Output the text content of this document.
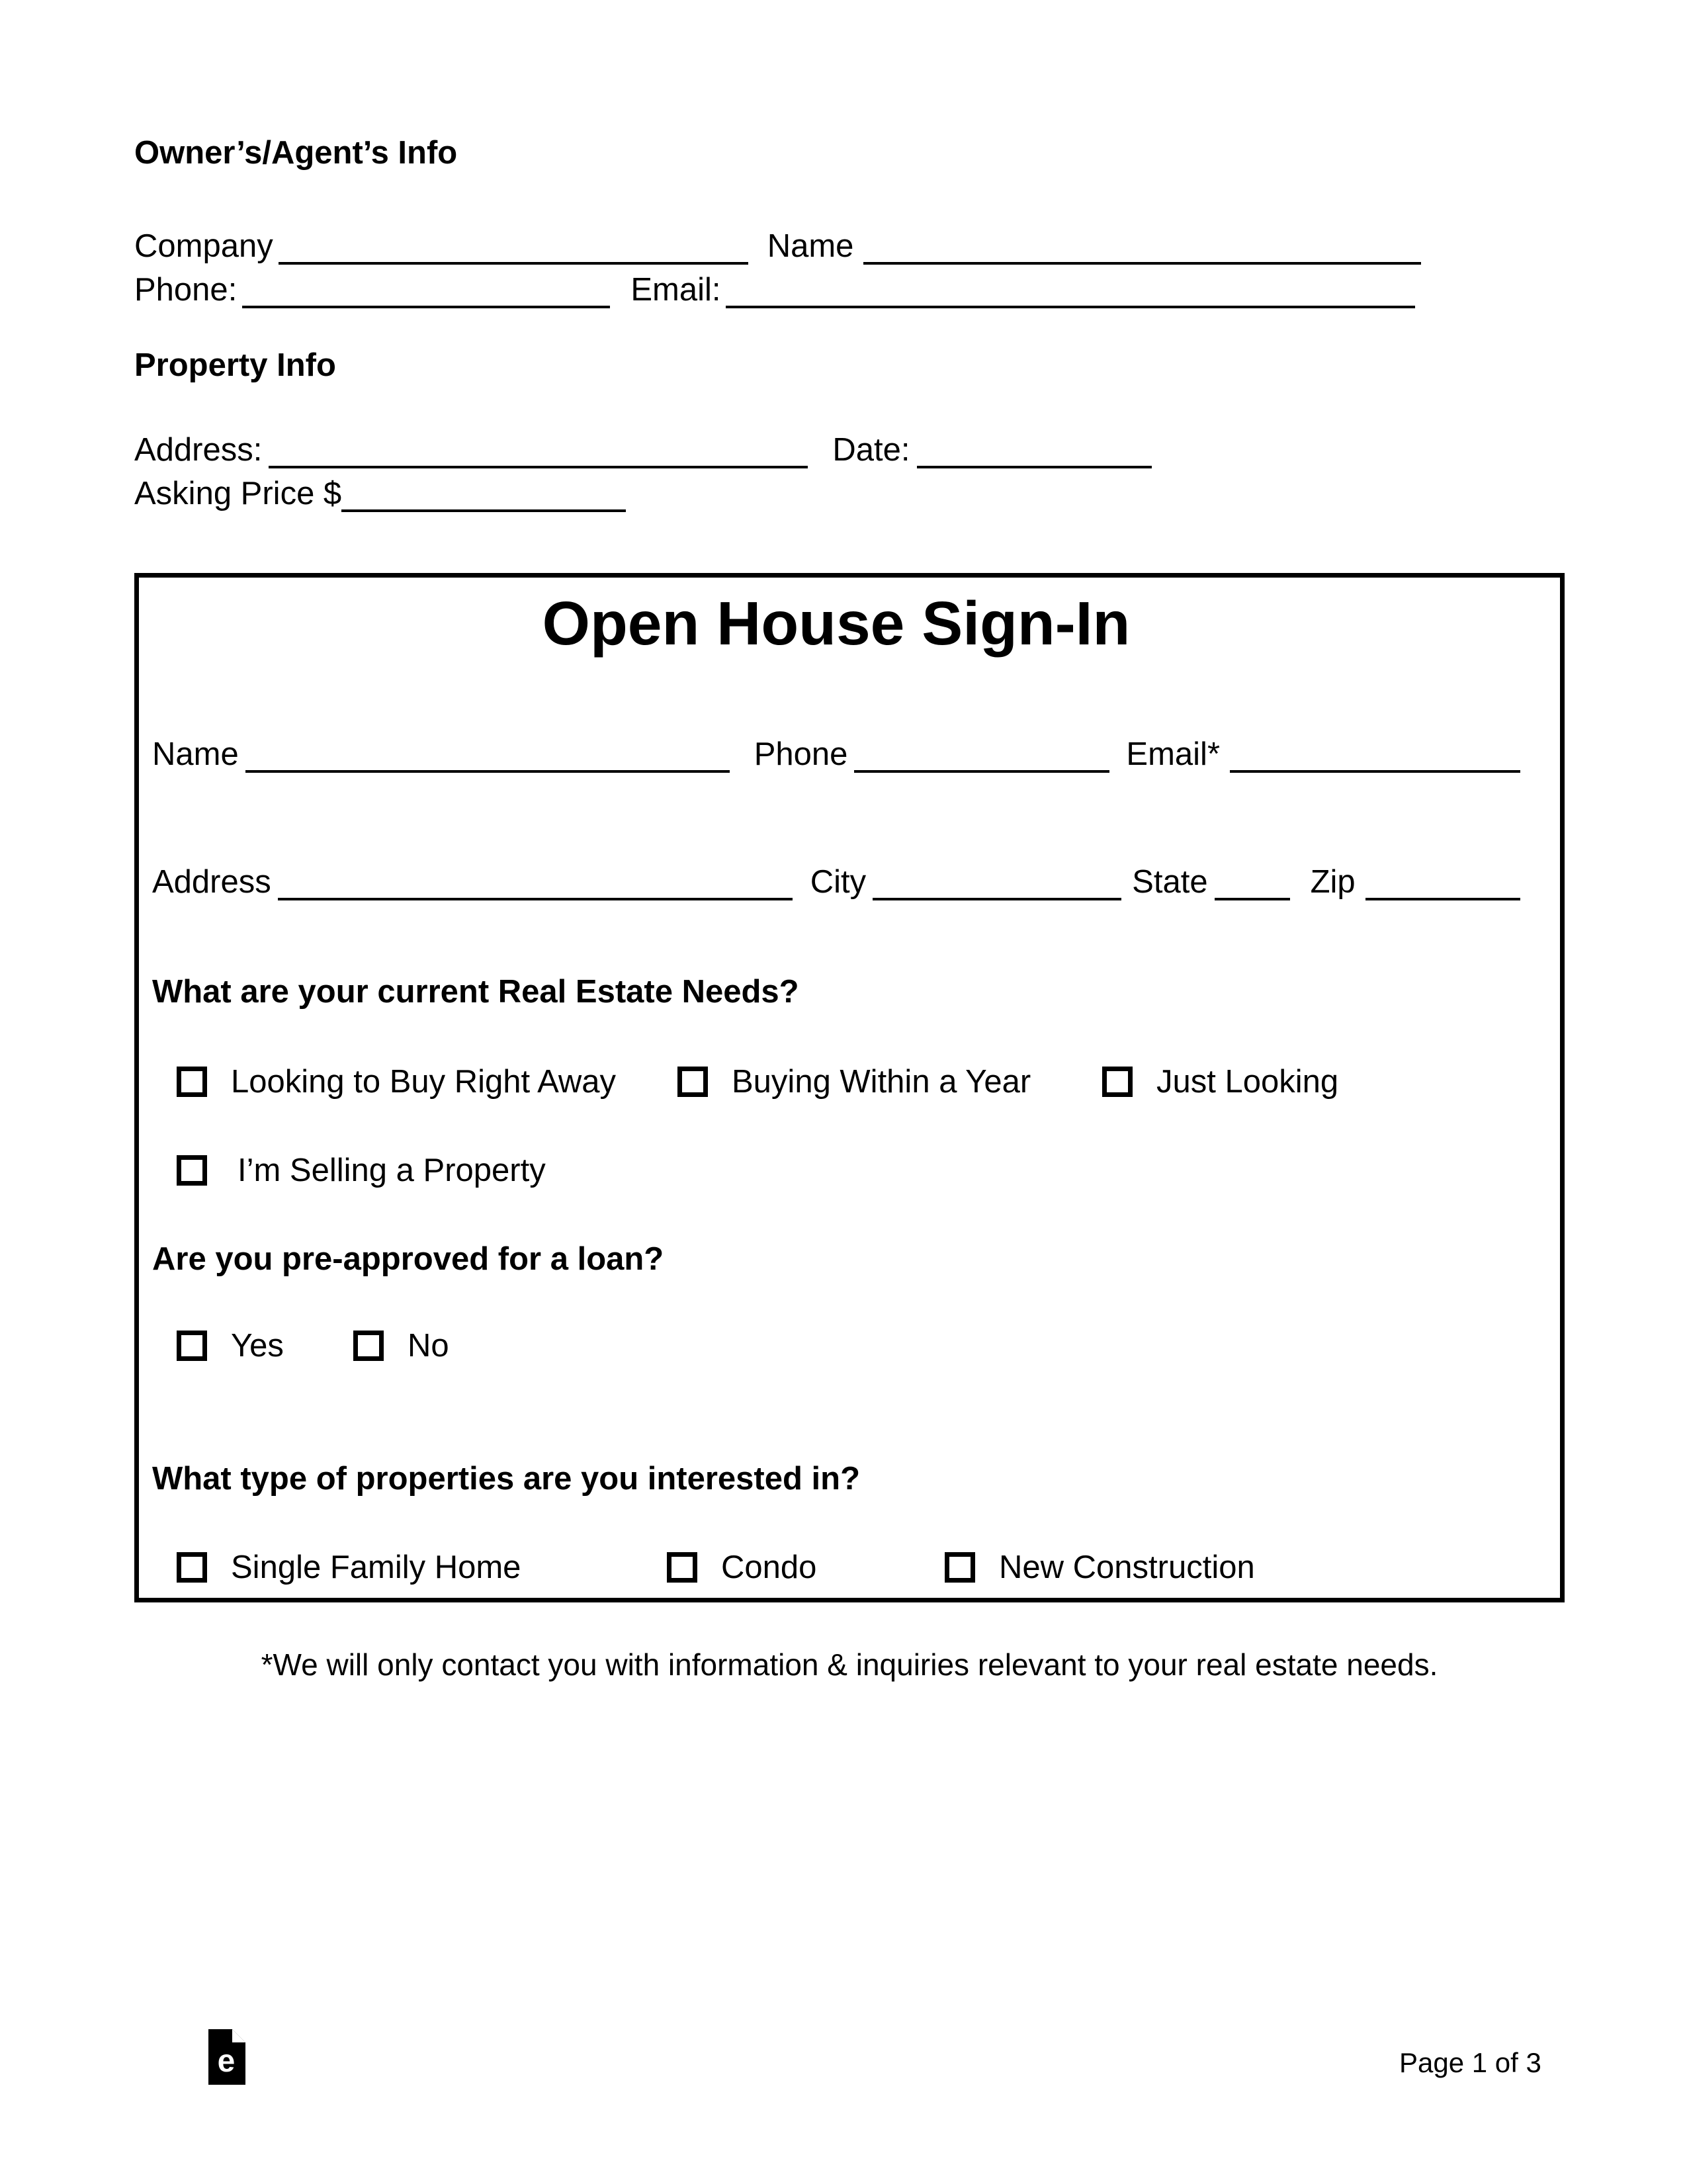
Owner’s/Agent’s Info
Company	Name
Phone:	Email:
Property Info
Address:	Date:
Asking Price $
Open House Sign-In
Name	Phone	Email*
Address	City	State	Zip
What are your current Real Estate Needs?
Looking to Buy Right Away	Buying Within a Year	Just Looking
I’m Selling a Property
Are you pre-approved for a loan?
Yes	No
What type of properties are you interested in?
Single Family Home	Condo	New Construction
*We will only contact you with information & inquiries relevant to your real estate needs.
e	Page 1 of 3
